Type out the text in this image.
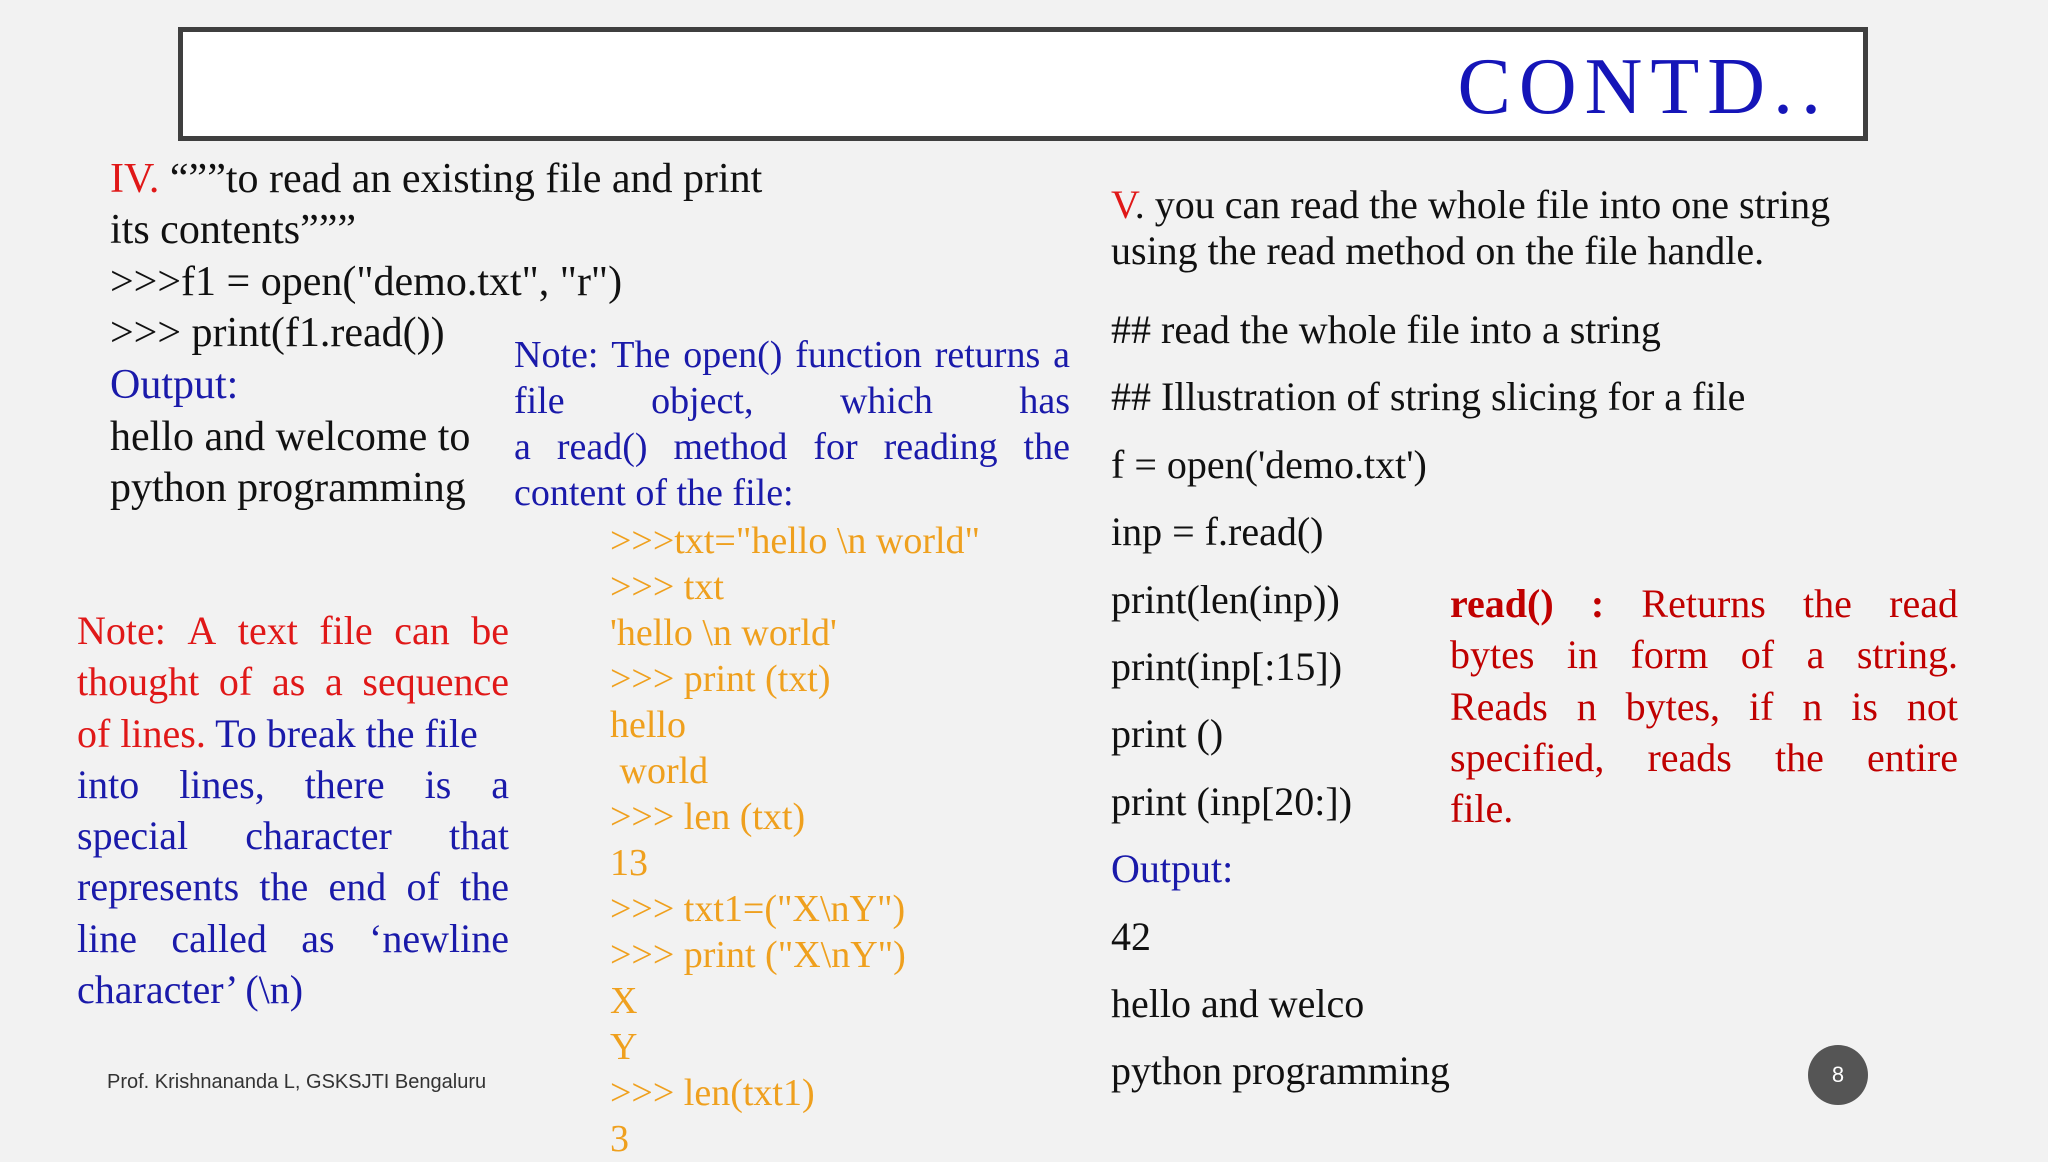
CONTD..
IV. “””to read an existing file and print
its contents”””
>>>f1 = open("demo.txt", "r")
>>> print(f1.read())
Output:
hello and welcome to
python programming
Note: The open() function returns a
file object, which has
a read() method for reading the
content of the file:
>>>txt="hello \n world"
>>> txt
'hello \n world'
>>> print (txt)
hello
world
>>> len (txt)
13
>>> txt1=("X\nY")
>>> print ("X\nY")
X
Y
>>> len(txt1)
3
Note: A text file can be
thought of as a sequence
of lines. To break the file
into lines, there is a
special character that
represents the end of the
line called as ‘newline
character’ (\n)
V. you can read the whole file into one string
using the read method on the file handle.
## read the whole file into a string
## Illustration of string slicing for a file
f = open('demo.txt')
inp = f.read()
print(len(inp))
print(inp[:15])
print ()
print (inp[20:])
Output:
42
hello and welco
python programming
read() : Returns the read
bytes in form of a string.
Reads n bytes, if n is not
specified, reads the entire
file.
Prof. Krishnananda L, GSKSJTI Bengaluru	8
